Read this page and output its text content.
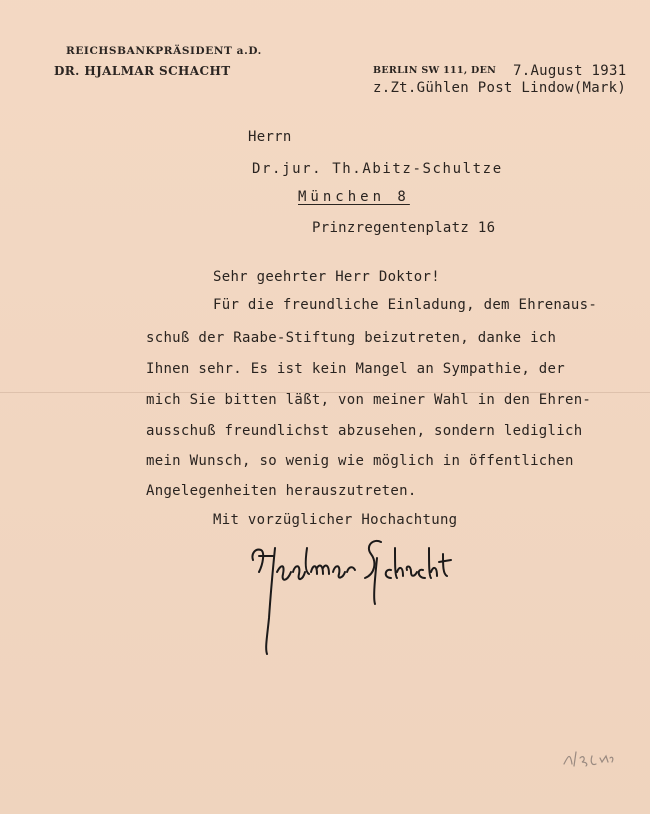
REICHSBANKPRÄSIDENT a.D.
DR. HJALMAR SCHACHT	BERLIN SW 111, DEN 7.August 1931
z.Zt.Gühlen Post Lindow(Mark)
Herrn
Dr.jur. Th.Abitz-Schultze
München 8
Prinzregentenplatz 16
Sehr geehrter Herr Doktor!
Für die freundliche Einladung, dem Ehrenaus-
schuß der Raabe-Stiftung beizutreten, danke ich
Ihnen sehr. Es ist kein Mangel an Sympathie, der
mich Sie bitten läßt, von meiner Wahl in den Ehren-
ausschuß freundlichst abzusehen, sondern lediglich
mein Wunsch, so wenig wie möglich in öffentlichen
Angelegenheiten herauszutreten.
Mit vorzüglicher Hochachtung
